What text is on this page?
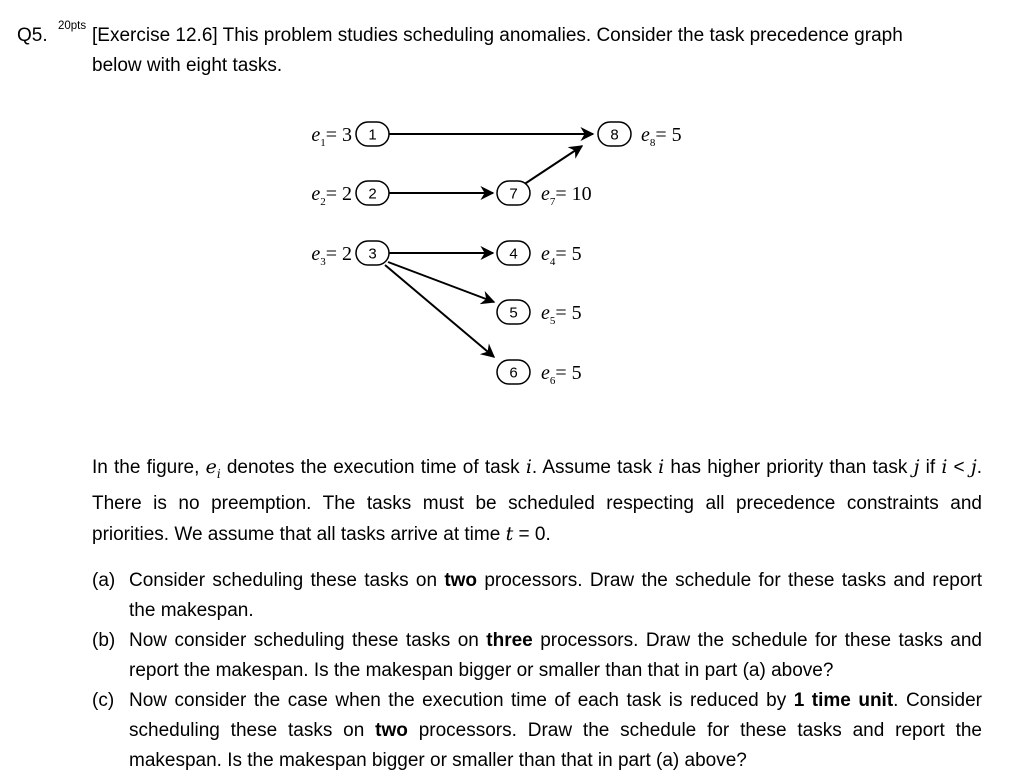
Q5. 20pts [Exercise 12.6] This problem studies scheduling anomalies. Consider the task precedence graph
below with eight tasks.
1
2
3	4
5
6
7
8
$e_1= 3$
$e_2= 2$
$e_3= 2$	$e_4= 5$
$e_5= 5$
$e_6= 5$
$e_7= 10$
$e_8= 5$
In the figure, $e_i$ denotes the execution time of task i. Assume task i has higher priority than task j if i < j. There is no preemption. The tasks must be scheduled respecting all precedence constraints and priorities. We assume that all tasks arrive at time t = 0.
(a) Consider scheduling these tasks on two processors. Draw the schedule for these tasks and report the makespan.
(b) Now consider scheduling these tasks on three processors. Draw the schedule for these tasks and report the makespan. Is the makespan bigger or smaller than that in part (a) above?
(c) Now consider the case when the execution time of each task is reduced by 1 time unit. Consider scheduling these tasks on two processors. Draw the schedule for these tasks and report the makespan. Is the makespan bigger or smaller than that in part (a) above?
